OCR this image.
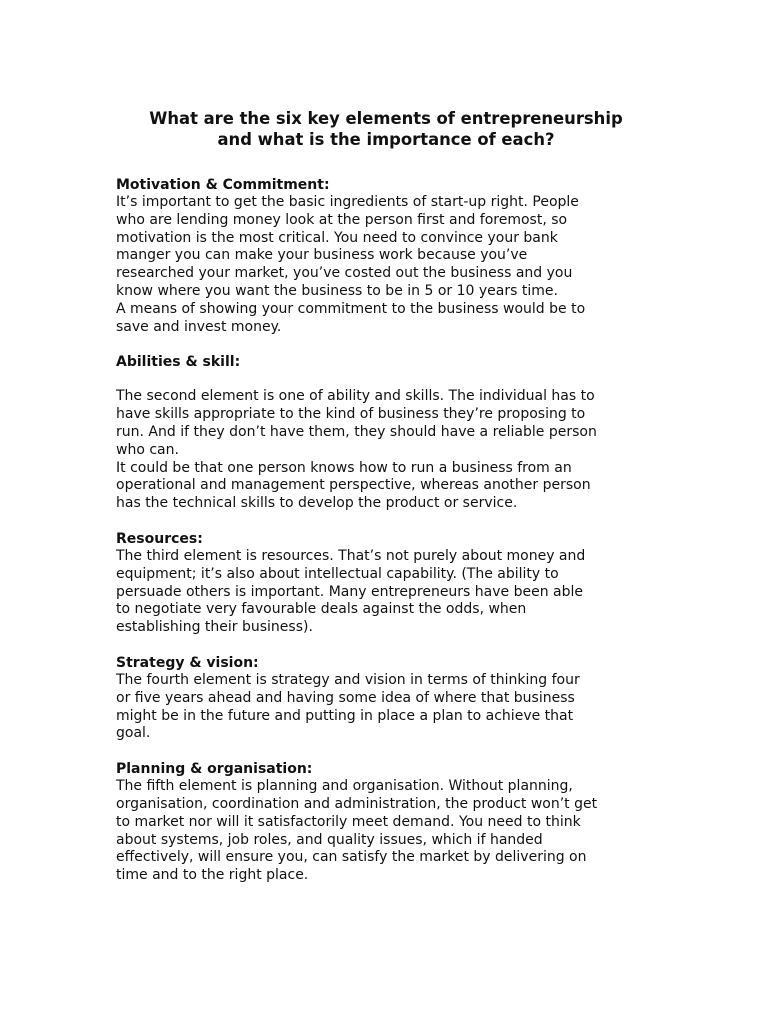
What are the six key elements of entrepreneurship
and what is the importance of each?
Motivation & Commitment:
It’s important to get the basic ingredients of start-up right. People
who are lending money look at the person first and foremost, so
motivation is the most critical. You need to convince your bank
manger you can make your business work because you’ve
researched your market, you’ve costed out the business and you
know where you want the business to be in 5 or 10 years time.
A means of showing your commitment to the business would be to
save and invest money.
Abilities & skill:
The second element is one of ability and skills. The individual has to
have skills appropriate to the kind of business they’re proposing to
run. And if they don’t have them, they should have a reliable person
who can.
It could be that one person knows how to run a business from an
operational and management perspective, whereas another person
has the technical skills to develop the product or service.
Resources:
The third element is resources. That’s not purely about money and
equipment; it’s also about intellectual capability. (The ability to
persuade others is important. Many entrepreneurs have been able
to negotiate very favourable deals against the odds, when
establishing their business).
Strategy & vision:
The fourth element is strategy and vision in terms of thinking four
or five years ahead and having some idea of where that business
might be in the future and putting in place a plan to achieve that
goal.
Planning & organisation:
The fifth element is planning and organisation. Without planning,
organisation, coordination and administration, the product won’t get
to market nor will it satisfactorily meet demand. You need to think
about systems, job roles, and quality issues, which if handed
effectively, will ensure you, can satisfy the market by delivering on
time and to the right place.
